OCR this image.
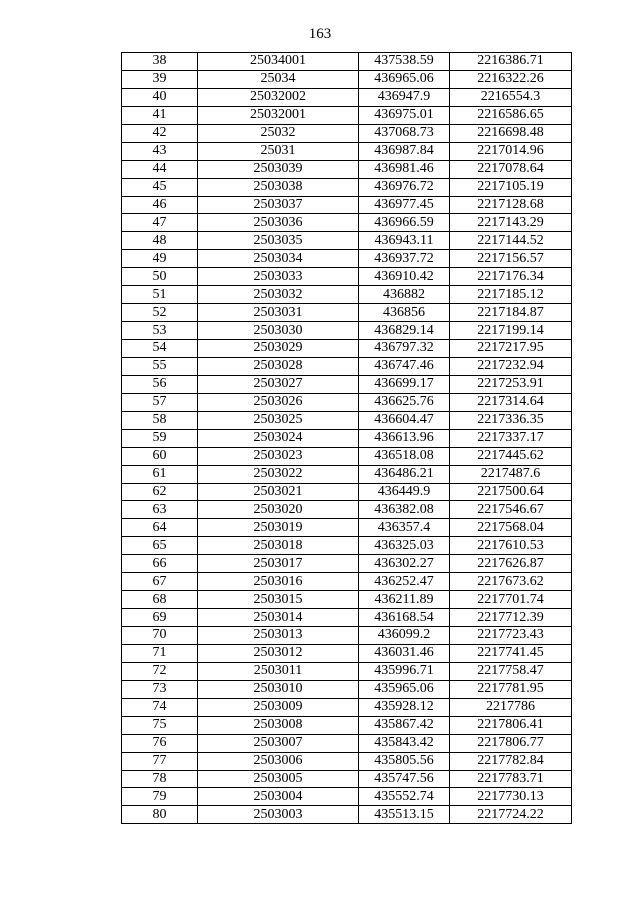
163
38	25034001	437538.59	2216386.71
39	25034	436965.06	2216322.26
40	25032002	436947.9	2216554.3
41	25032001	436975.01	2216586.65
42	25032	437068.73	2216698.48
43	25031	436987.84	2217014.96
44	2503039	436981.46	2217078.64
45	2503038	436976.72	2217105.19
46	2503037	436977.45	2217128.68
47	2503036	436966.59	2217143.29
48	2503035	436943.11	2217144.52
49	2503034	436937.72	2217156.57
50	2503033	436910.42	2217176.34
51	2503032	436882	2217185.12
52	2503031	436856	2217184.87
53	2503030	436829.14	2217199.14
54	2503029	436797.32	2217217.95
55	2503028	436747.46	2217232.94
56	2503027	436699.17	2217253.91
57	2503026	436625.76	2217314.64
58	2503025	436604.47	2217336.35
59	2503024	436613.96	2217337.17
60	2503023	436518.08	2217445.62
61	2503022	436486.21	2217487.6
62	2503021	436449.9	2217500.64
63	2503020	436382.08	2217546.67
64	2503019	436357.4	2217568.04
65	2503018	436325.03	2217610.53
66	2503017	436302.27	2217626.87
67	2503016	436252.47	2217673.62
68	2503015	436211.89	2217701.74
69	2503014	436168.54	2217712.39
70	2503013	436099.2	2217723.43
71	2503012	436031.46	2217741.45
72	2503011	435996.71	2217758.47
73	2503010	435965.06	2217781.95
74	2503009	435928.12	2217786
75	2503008	435867.42	2217806.41
76	2503007	435843.42	2217806.77
77	2503006	435805.56	2217782.84
78	2503005	435747.56	2217783.71
79	2503004	435552.74	2217730.13
80	2503003	435513.15	2217724.22
